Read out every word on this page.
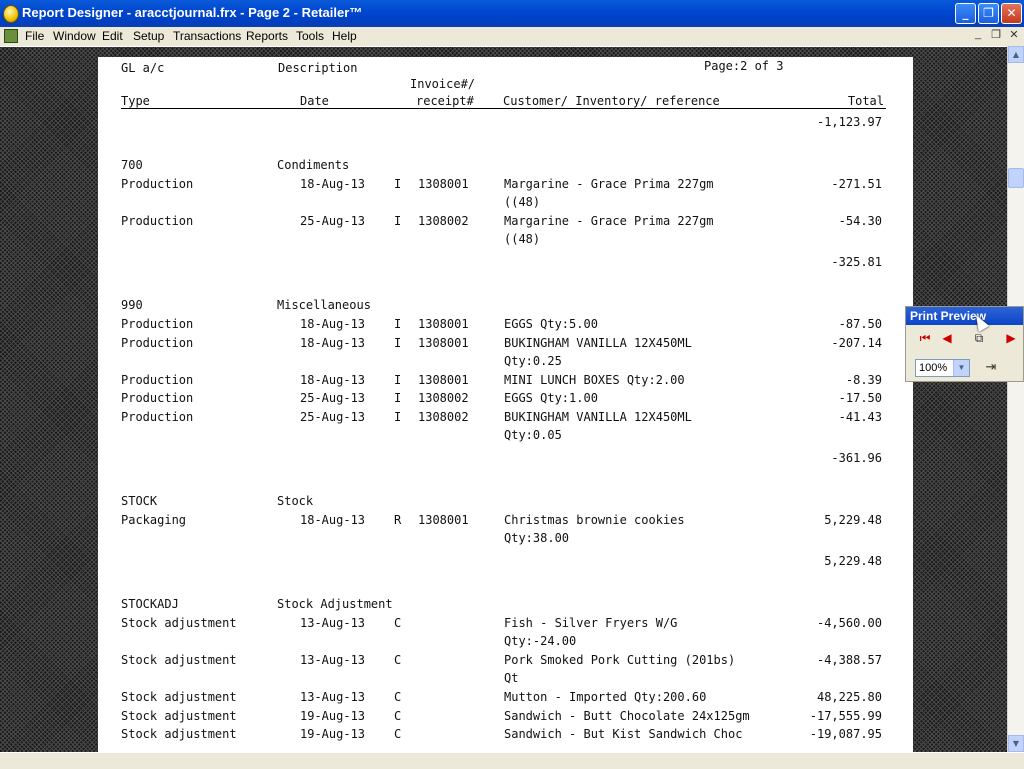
Report Designer - aracctjournal.frx - Page 2 - Retailer™	_	❐	✕
File Window Edit Setup Transactions Reports Tools Help	_ ❐ ✕
GL a/c	Description	Page:2 of 3
Invoice#/
Type	Date	receipt# Customer/ Inventory/ reference	Total
-1,123.97
700	Condiments
Production	18-Aug-13 I 1308001	Margarine - Grace Prima 227gm	-271.51
((48)
Production	25-Aug-13 I 1308002	Margarine - Grace Prima 227gm	-54.30
((48)
-325.81
990	Miscellaneous
Production	18-Aug-13 I 1308001	EGGS Qty:5.00	-87.50
Production	18-Aug-13 I 1308001	BUKINGHAM VANILLA 12X450ML	-207.14
Qty:0.25
Production	18-Aug-13 I 1308001	MINI LUNCH BOXES Qty:2.00	-8.39
Production	25-Aug-13 I 1308002	EGGS Qty:1.00	-17.50
Production	25-Aug-13 I 1308002	BUKINGHAM VANILLA 12X450ML	-41.43
Qty:0.05
-361.96
STOCK	Stock
Packaging	18-Aug-13 R 1308001	Christmas brownie cookies	5,229.48
Qty:38.00
5,229.48
STOCKADJ	Stock Adjustment
Stock adjustment	13-Aug-13 C	Fish - Silver Fryers W/G	-4,560.00
Qty:-24.00
Stock adjustment	13-Aug-13 C	Pork Smoked Pork Cutting (201bs)	-4,388.57
Qt
Stock adjustment	13-Aug-13 C	Mutton - Imported Qty:200.60	48,225.80
Stock adjustment	19-Aug-13 C	Sandwich - Butt Chocolate 24x125gm	-17,555.99
Stock adjustment	19-Aug-13 C	Sandwich - But Kist Sandwich Choc	-19,087.95
▲
▼
Print Preview
⏮ ◀	⧉	▶
100%	▼	⇥
